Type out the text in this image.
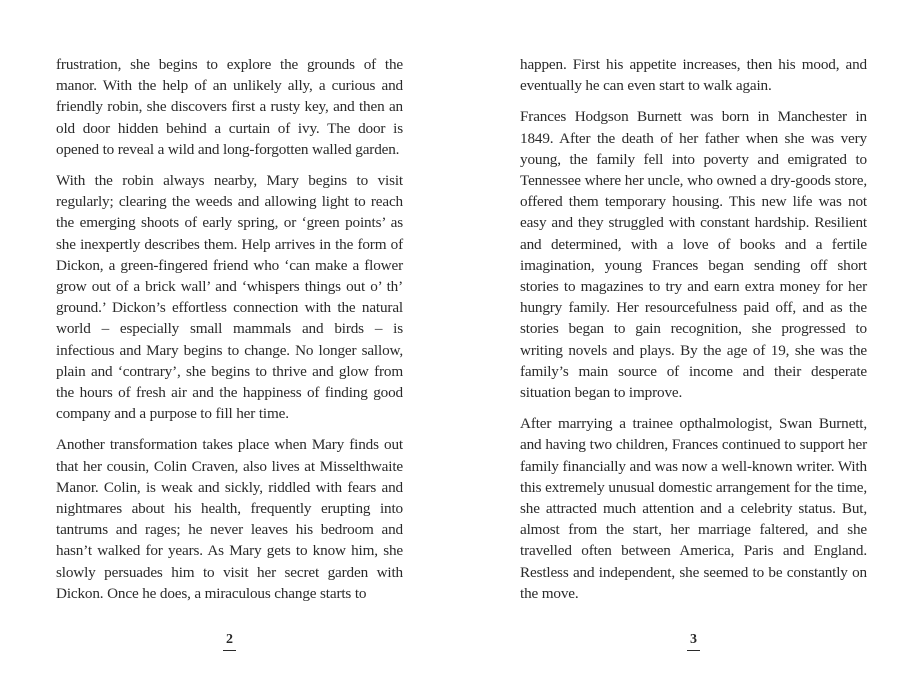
frustration, she begins to explore the grounds of the manor. With the help of an unlikely ally, a curious and friendly robin, she discovers first a rusty key, and then an old door hidden behind a curtain of ivy. The door is opened to reveal a wild and long-forgotten walled garden.

With the robin always nearby, Mary begins to visit regularly; clearing the weeds and allowing light to reach the emerging shoots of early spring, or ‘green points’ as she inexpertly describes them. Help arrives in the form of Dickon, a green-fingered friend who ‘can make a flower grow out of a brick wall’ and ‘whispers things out o’ th’ ground.’ Dickon’s effortless connection with the natural world – especially small mammals and birds – is infectious and Mary begins to change. No longer sallow, plain and ‘contrary’, she begins to thrive and glow from the hours of fresh air and the happiness of finding good company and a purpose to fill her time.

Another transformation takes place when Mary finds out that her cousin, Colin Craven, also lives at Misselthwaite Manor. Colin, is weak and sickly, riddled with fears and nightmares about his health, frequently erupting into tantrums and rages; he never leaves his bedroom and hasn’t walked for years. As Mary gets to know him, she slowly persuades him to visit her secret garden with Dickon. Once he does, a miraculous change starts to

2

happen. First his appetite increases, then his mood, and eventually he can even start to walk again.

Frances Hodgson Burnett was born in Manchester in 1849. After the death of her father when she was very young, the family fell into poverty and emigrated to Tennessee where her uncle, who owned a dry-goods store, offered them temporary housing. This new life was not easy and they struggled with constant hardship. Resilient and determined, with a love of books and a fertile imagination, young Frances began sending off short stories to magazines to try and earn extra money for her hungry family. Her resourcefulness paid off, and as the stories began to gain recognition, she progressed to writing novels and plays. By the age of 19, she was the family’s main source of income and their desperate situation began to improve.

After marrying a trainee opthalmologist, Swan Burnett, and having two children, Frances continued to support her family financially and was now a well-known writer. With this extremely unusual domestic arrangement for the time, she attracted much attention and a celebrity status. But, almost from the start, her marriage faltered, and she travelled often between America, Paris and England. Restless and independent, she seemed to be constantly on the move.

3
